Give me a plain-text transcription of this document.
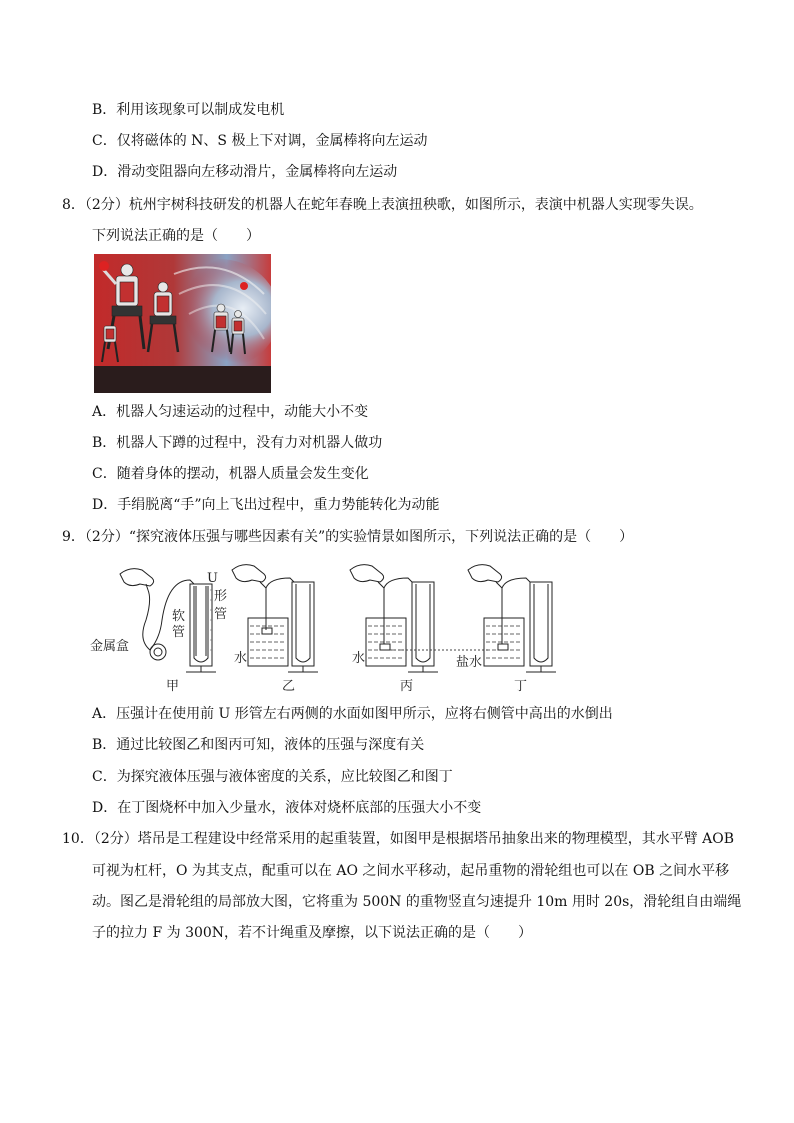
B．利用该现象可以制成发电机
C．仅将磁体的 N、S 极上下对调，金属棒将向左运动
D．滑动变阻器向左移动滑片，金属棒将向左运动
8．（2分）杭州宇树科技研发的机器人在蛇年春晚上表演扭秧歌，如图所示，表演中机器人实现零失误。
下列说法正确的是（　　）
A．机器人匀速运动的过程中，动能大小不变
B．机器人下蹲的过程中，没有力对机器人做功
C．随着身体的摆动，机器人质量会发生变化
D．手绢脱离“手”向上飞出过程中，重力势能转化为动能
9．（2分）“探究液体压强与哪些因素有关”的实验情景如图所示，下列说法正确的是（　　）
U
形
管
软
管
金属盒
水	水	盐水
甲	乙	丙	丁
A．压强计在使用前 U 形管左右两侧的水面如图甲所示，应将右侧管中高出的水倒出
B．通过比较图乙和图丙可知，液体的压强与深度有关
C．为探究液体压强与液体密度的关系，应比较图乙和图丁
D．在丁图烧杯中加入少量水，液体对烧杯底部的压强大小不变
10．（2分）塔吊是工程建设中经常采用的起重装置，如图甲是根据塔吊抽象出来的物理模型，其水平臂 AOB
可视为杠杆，O 为其支点，配重可以在 AO 之间水平移动，起吊重物的滑轮组也可以在 OB 之间水平移
动。图乙是滑轮组的局部放大图，它将重为 500N 的重物竖直匀速提升 10m 用时 20s，滑轮组自由端绳
子的拉力 F 为 300N，若不计绳重及摩擦，以下说法正确的是（　　）
